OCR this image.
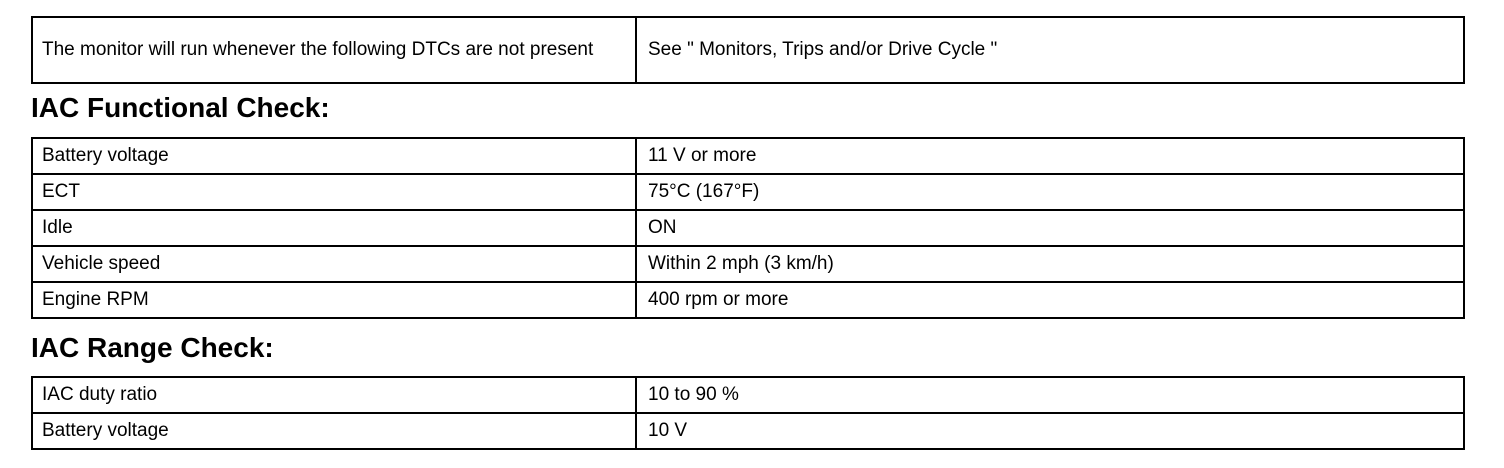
The monitor will run whenever the following DTCs are not present	See " Monitors, Trips and/or Drive Cycle "
IAC Functional Check:
Battery voltage	11 V or more
ECT	75°C (167°F)
Idle	ON
Vehicle speed	Within 2 mph (3 km/h)
Engine RPM	400 rpm or more
IAC Range Check:
IAC duty ratio	10 to 90 %
Battery voltage	10 V
